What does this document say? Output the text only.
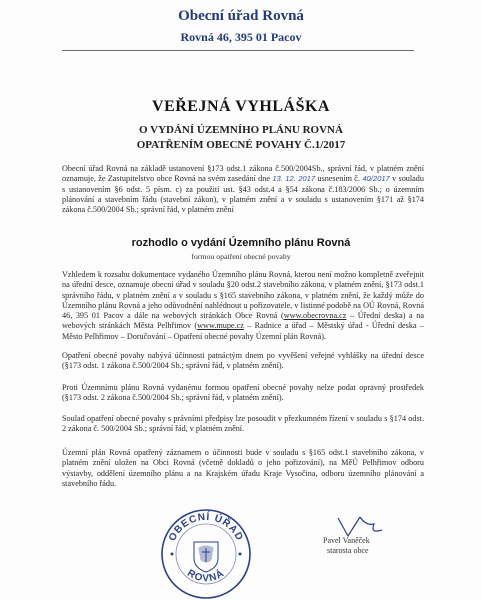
Obecní úřad Rovná
Rovná 46, 395 01 Pacov
VEŘEJNÁ VYHLÁŠKA
O VYDÁNÍ ÚZEMNÍHO PLÁNU ROVNÁ
OPATŘENÍM OBECNÉ POVAHY Č.1/2017
Obecní úřad Rovná na základě ustanovení §173 odst.1 zákona č.500/2004Sb., správní řád, v platném znění oznamuje, že Zastupitelstvo obce Rovná na svém zasedání dne 13. 12. 2017 usnesením č. 40/2017 v souladu s ustanovením §6 odst. 5 písm. c) za použití ust. §43 odst.4 a §54 zákona č.183/2006 Sb.; o územním plánování a stavebním řádu (stavební zákon), v platném znění a v souladu s ustanovením §171 až §174 zákona č.500/2004 Sb.; správní řád, v platném znění
rozhodlo o vydání Územního plánu Rovná
formou opatření obecné povahy
Vzhledem k rozsahu dokumentace vydaného Územního plánu Rovná, kterou není možno kompletně zveřejnit na úřední desce, oznamuje obecní úřad v souladu §20 odst.2 stavebního zákona, v platném znění, §173 odst.1 správního řádu, v platném znění a v souladu s §165 stavebního zákona, v platném znění, že každý může do Územního plánu Rovná a jeho odůvodnění nahlédnout u pořizovatele, v listinné podobě na OÚ Rovná, Rovná 46, 395 01 Pacov a dále na webových stránkách Obce Rovná (www.obecrovna.cz – Úřední deska) a na webových stránkách Města Pelhřimov (www.mupe.cz – Radnice a úřad – Městský úřad - Úřední deska – Město Pelhřimov – Doručování – Opatření obecné povahy Územní plán Rovná).
Opatření obecné povahy nabývá účinnosti patnáctým dnem po vyvěšení veřejné vyhlášky na úřední desce (§173 odst. 1 zákona č.500/2004 Sb.; správní řád, v platném znění).
Proti Územnímu plánu Rovná vydanému formou opatření obecné povahy nelze podat opravný prostředek (§173 odst. 2 zákona č.500/2004 Sb.; správní řád, v platném znění).
Soulad opatření obecné povahy s právními předpisy lze posoudit v přezkumném řízení v souladu s §174 odst. 2 zákona č. 500/2004 Sb.; správní řád, v platném znění.
Územní plán Rovná opatřený záznamem o účinnosti bude v souladu s §165 odst.1 stavebního zákona, v platném znění uložen na Obci Rovná (včetně dokladů o jeho pořizování), na MěÚ Pelhřimov odboru výstavby, oddělení územního plánu a na Krajském úřadu Kraje Vysočina, odboru územního plánování a stavebního řádu.
OBECNÍ ÚŘAD
ROVNÁ
Pavel Vaněček
starosta obce
